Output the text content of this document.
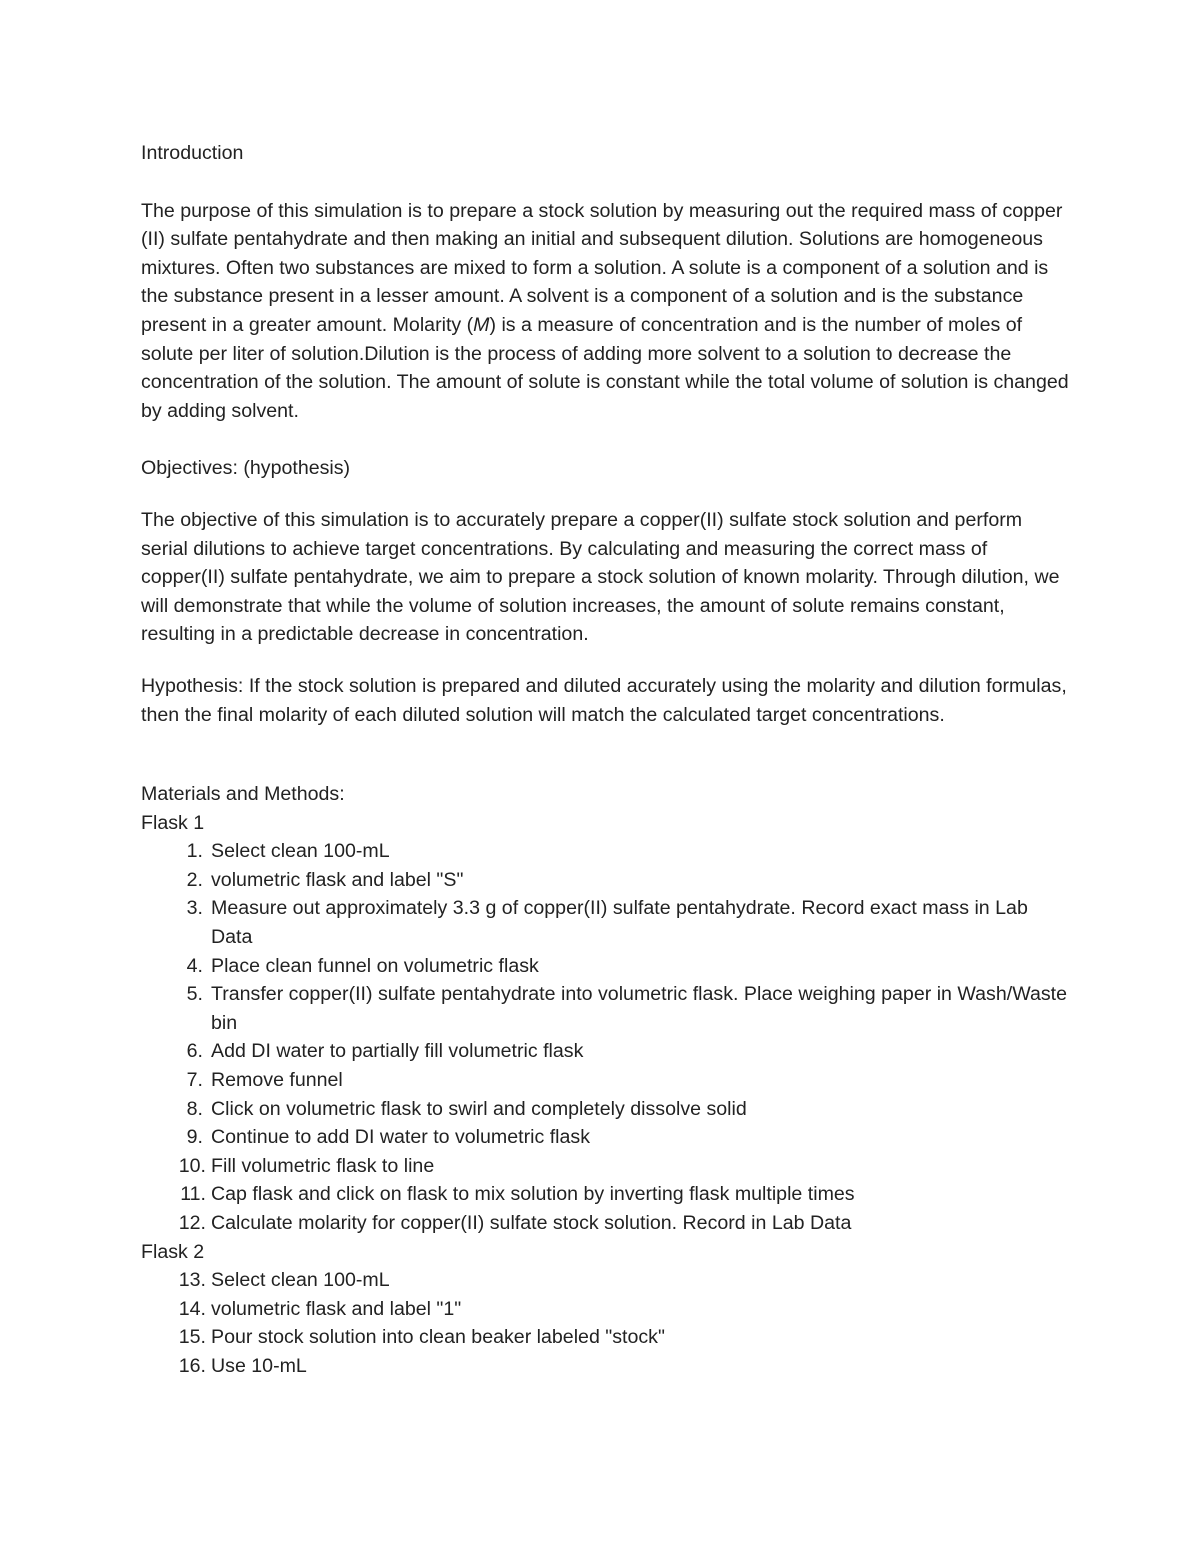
Introduction

The purpose of this simulation is to prepare a stock solution by measuring out the required mass of copper (II) sulfate pentahydrate and then making an initial and subsequent dilution. Solutions are homogeneous mixtures. Often two substances are mixed to form a solution. A solute is a component of a solution and is the substance present in a lesser amount. A solvent is a component of a solution and is the substance present in a greater amount. Molarity (M) is a measure of concentration and is the number of moles of solute per liter of solution.Dilution is the process of adding more solvent to a solution to decrease the concentration of the solution. The amount of solute is constant while the total volume of solution is changed by adding solvent.

Objectives: (hypothesis)

The objective of this simulation is to accurately prepare a copper(II) sulfate stock solution and perform serial dilutions to achieve target concentrations. By calculating and measuring the correct mass of copper(II) sulfate pentahydrate, we aim to prepare a stock solution of known molarity. Through dilution, we will demonstrate that while the volume of solution increases, the amount of solute remains constant, resulting in a predictable decrease in concentration.

Hypothesis: If the stock solution is prepared and diluted accurately using the molarity and dilution formulas, then the final molarity of each diluted solution will match the calculated target concentrations.

Materials and Methods:

Flask 1

1. Select clean 100-mL
2. volumetric flask and label "S"
3. Measure out approximately 3.3 g of copper(II) sulfate pentahydrate. Record exact mass in Lab Data
4. Place clean funnel on volumetric flask
5. Transfer copper(II) sulfate pentahydrate into volumetric flask. Place weighing paper in Wash/Waste bin
6. Add DI water to partially fill volumetric flask
7. Remove funnel
8. Click on volumetric flask to swirl and completely dissolve solid
9. Continue to add DI water to volumetric flask
10. Fill volumetric flask to line
11. Cap flask and click on flask to mix solution by inverting flask multiple times
12. Calculate molarity for copper(II) sulfate stock solution. Record in Lab Data

Flask 2

13. Select clean 100-mL
14. volumetric flask and label "1"
15. Pour stock solution into clean beaker labeled "stock"
16. Use 10-mL
